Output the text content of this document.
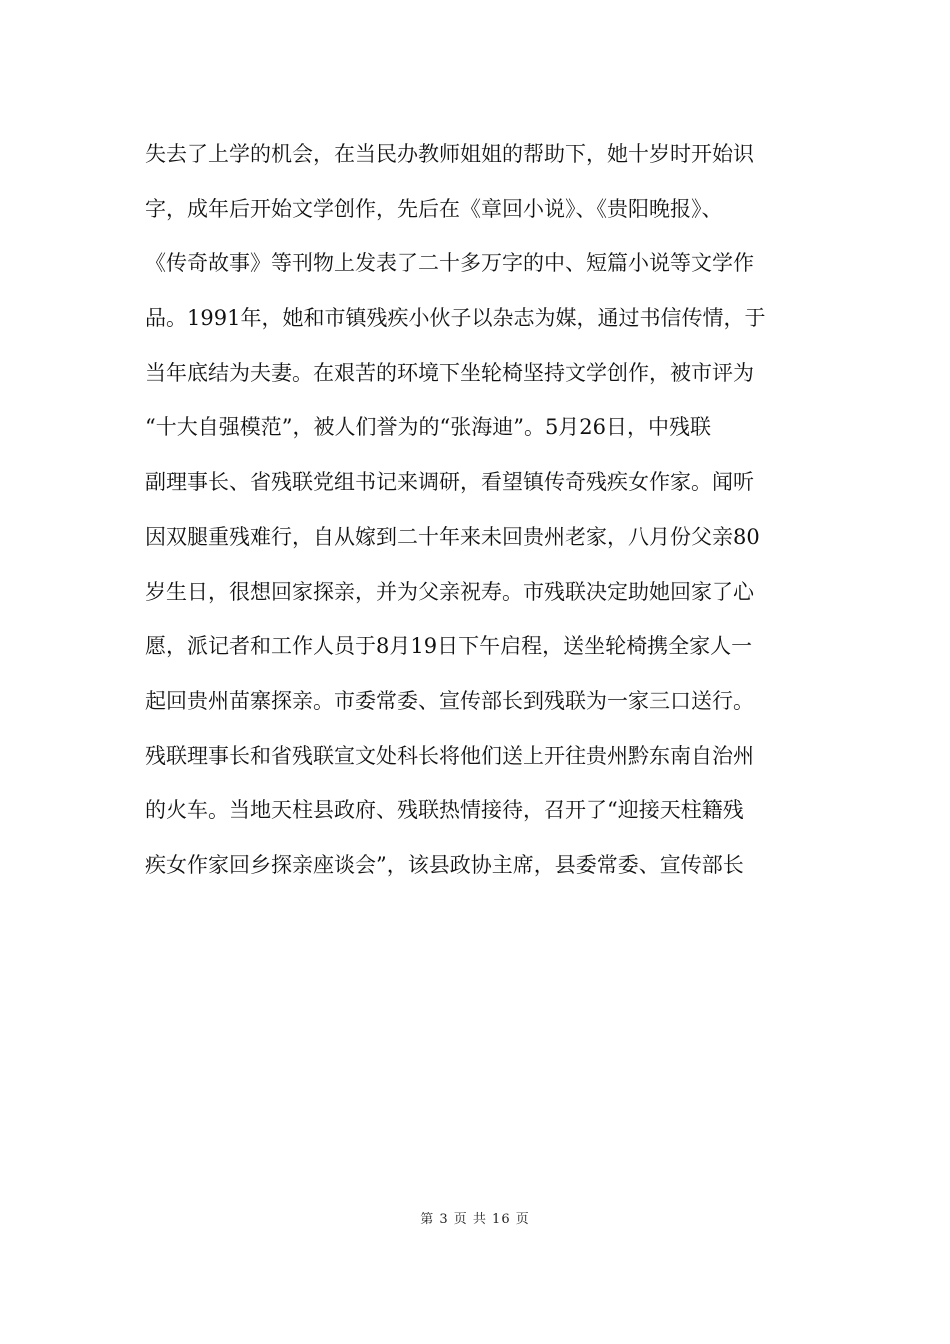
失去了上学的机会，在当民办教师姐姐的帮助下，她十岁时开始识
字，成年后开始文学创作，先后在《章回小说》、《贵阳晚报》、
《传奇故事》等刊物上发表了二十多万字的中、短篇小说等文学作
品。1991年，她和市镇残疾小伙子以杂志为媒，通过书信传情，于
当年底结为夫妻。在艰苦的环境下坐轮椅坚持文学创作，被市评为
“十大自强模范”，被人们誉为的“张海迪”。5月26日，中残联
副理事长、省残联党组书记来调研，看望镇传奇残疾女作家。闻听
因双腿重残难行，自从嫁到二十年来未回贵州老家，八月份父亲80
岁生日，很想回家探亲，并为父亲祝寿。市残联决定助她回家了心
愿，派记者和工作人员于8月19日下午启程，送坐轮椅携全家人一
起回贵州苗寨探亲。市委常委、宣传部长到残联为一家三口送行。
残联理事长和省残联宣文处科长将他们送上开往贵州黔东南自治州
的火车。当地天柱县政府、残联热情接待，召开了“迎接天柱籍残
疾女作家回乡探亲座谈会”，该县政协主席，县委常委、宣传部长
第 3 页 共 16 页
